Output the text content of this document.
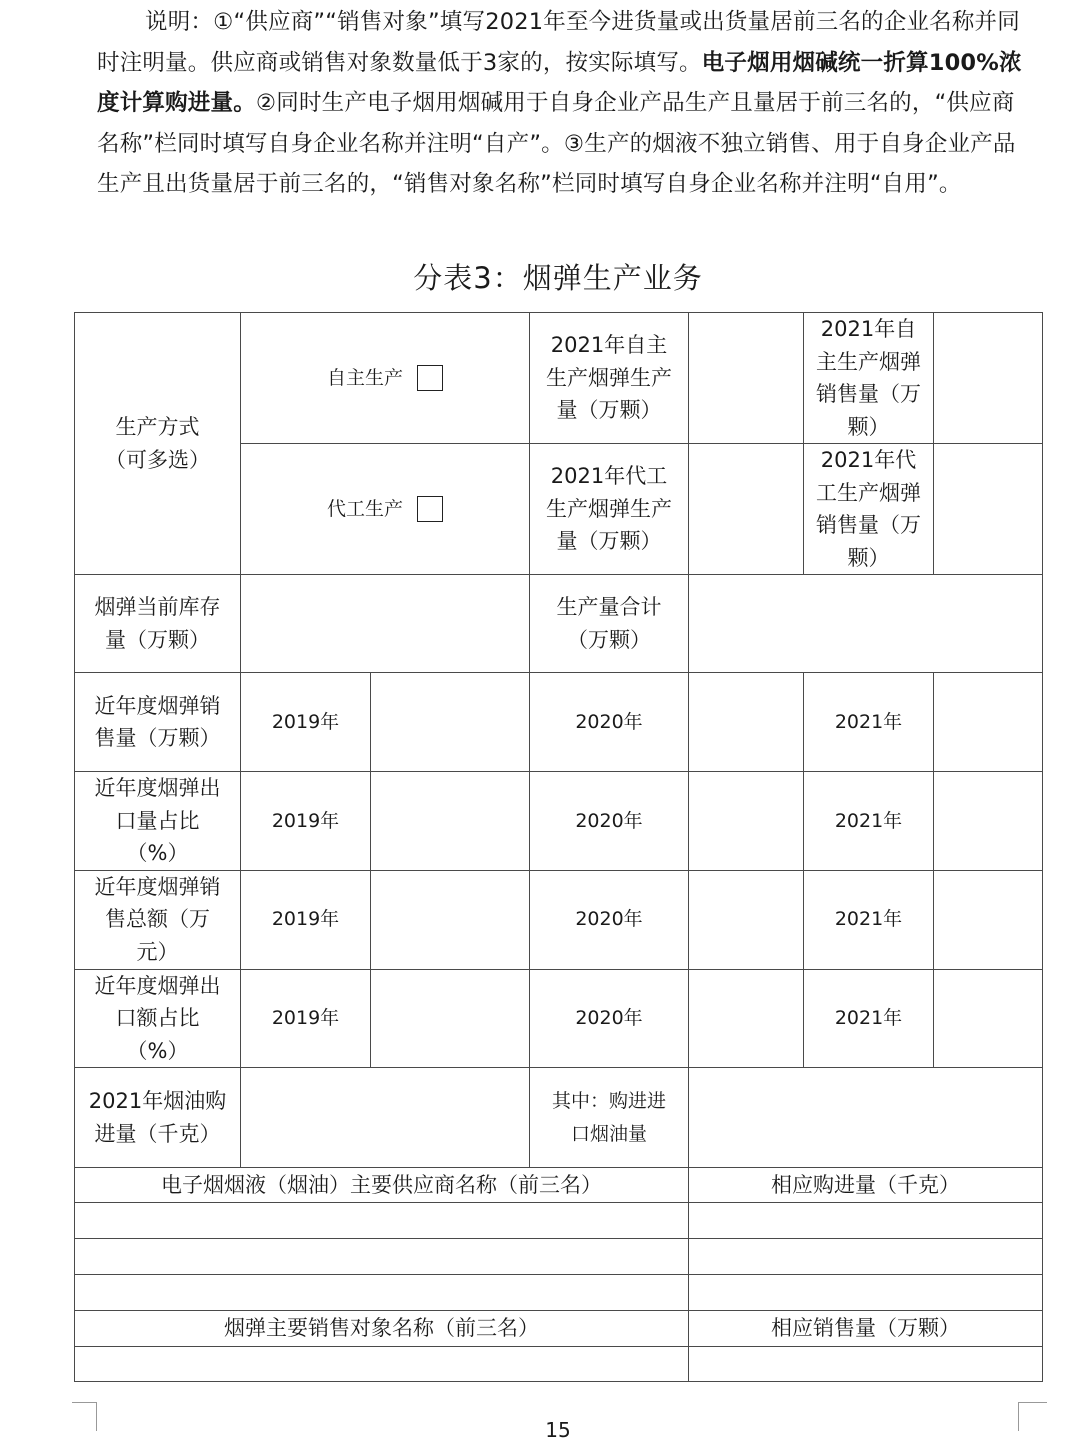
说明：①“供应商”“销售对象”填写2021年至今进货量或出货量居前三名的企业名称并同时注明量。供应商或销售对象数量低于3家的，按实际填写。电子烟用烟碱统一折算100%浓度计算购进量。②同时生产电子烟用烟碱用于自身企业产品生产且量居于前三名的，“供应商名称”栏同时填写自身企业名称并注明“自产”。③生产的烟液不独立销售、用于自身企业产品生产且出货量居于前三名的，“销售对象名称”栏同时填写自身企业名称并注明“自用”。

分表3：烟弹生产业务
生产方式（可多选）	自主生产		2021年自主生产烟弹生产量（万颗）		2021年自主生产烟弹销售量（万颗）	
	代工生产		2021年代工生产烟弹生产量（万颗）		2021年代工生产烟弹销售量（万颗）	
烟弹当前库存量（万颗）			生产量合计（万颗）			
近年度烟弹销售量（万颗）	2019年		2020年		2021年	
近年度烟弹出口量占比（%）	2019年		2020年		2021年	
近年度烟弹销售总额（万元）	2019年		2020年		2021年	
近年度烟弹出口额占比（%）	2019年		2020年		2021年	
2021年烟油购进量（千克）			其中：购进进口烟油量			
电子烟烟液（烟油）主要供应商名称（前三名）				相应购进量（千克）		

烟弹主要销售对象名称（前三名）				相应销售量（万颗）		

15
